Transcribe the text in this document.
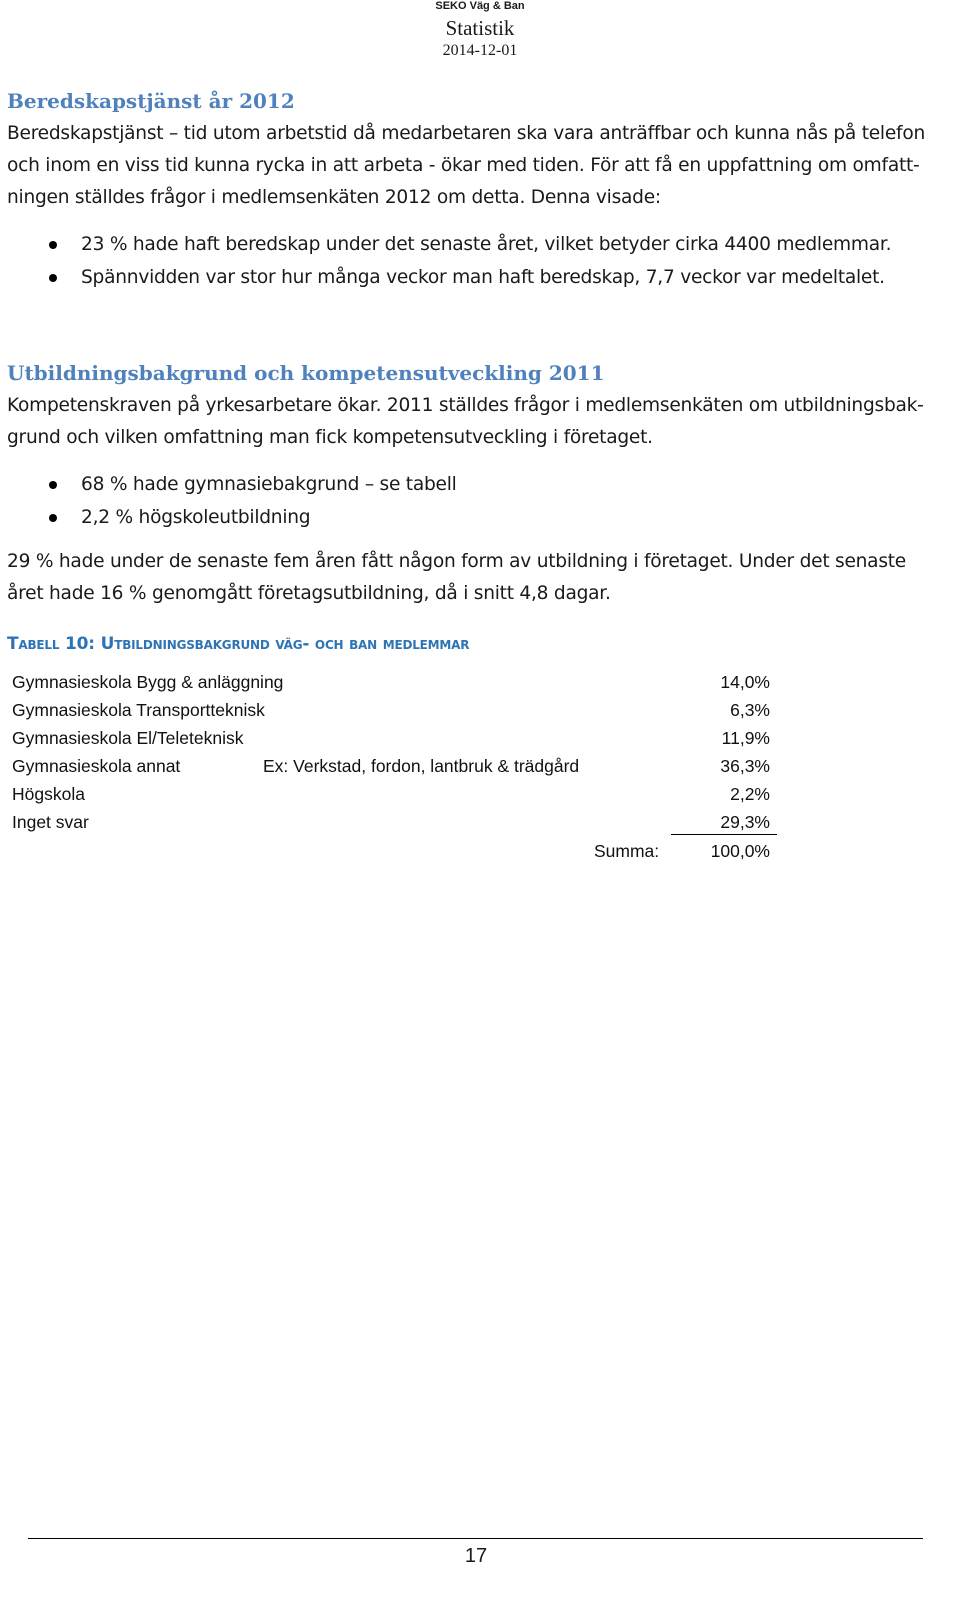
SEKO Väg & Ban
Statistik
2014-12-01
Beredskapstjänst år 2012

Beredskapstjänst – tid utom arbetstid då medarbetaren ska vara anträffbar och kunna nås på telefon
och inom en viss tid kunna rycka in att arbeta - ökar med tiden. För att få en uppfattning om omfatt-
ningen ställdes frågor i medlemsenkäten 2012 om detta. Denna visade:

23 % hade haft beredskap under det senaste året, vilket betyder cirka 4400 medlemmar.
Spännvidden var stor hur många veckor man haft beredskap, 7,7 veckor var medeltalet.
Utbildningsbakgrund och kompetensutveckling 2011

Kompetenskraven på yrkesarbetare ökar. 2011 ställdes frågor i medlemsenkäten om utbildningsbak-
grund och vilken omfattning man fick kompetensutveckling i företaget.

68 % hade gymnasiebakgrund – se tabell
2,2 % högskoleutbildning

29 % hade under de senaste fem åren fått någon form av utbildning i företaget. Under det senaste
året hade 16 % genomgått företagsutbildning, då i snitt 4,8 dagar.

Tabell 10: Utbildningsbakgrund väg- och ban medlemmar
Gymnasieskola Bygg & anläggning	14,0%
Gymnasieskola Transportteknisk	6,3%
Gymnasieskola El/Teleteknisk	11,9%
Gymnasieskola annat	Ex: Verkstad, fordon, lantbruk & trädgård	36,3%
Högskola	2,2%
Inget svar	29,3%
Summa:	100,0%
17
